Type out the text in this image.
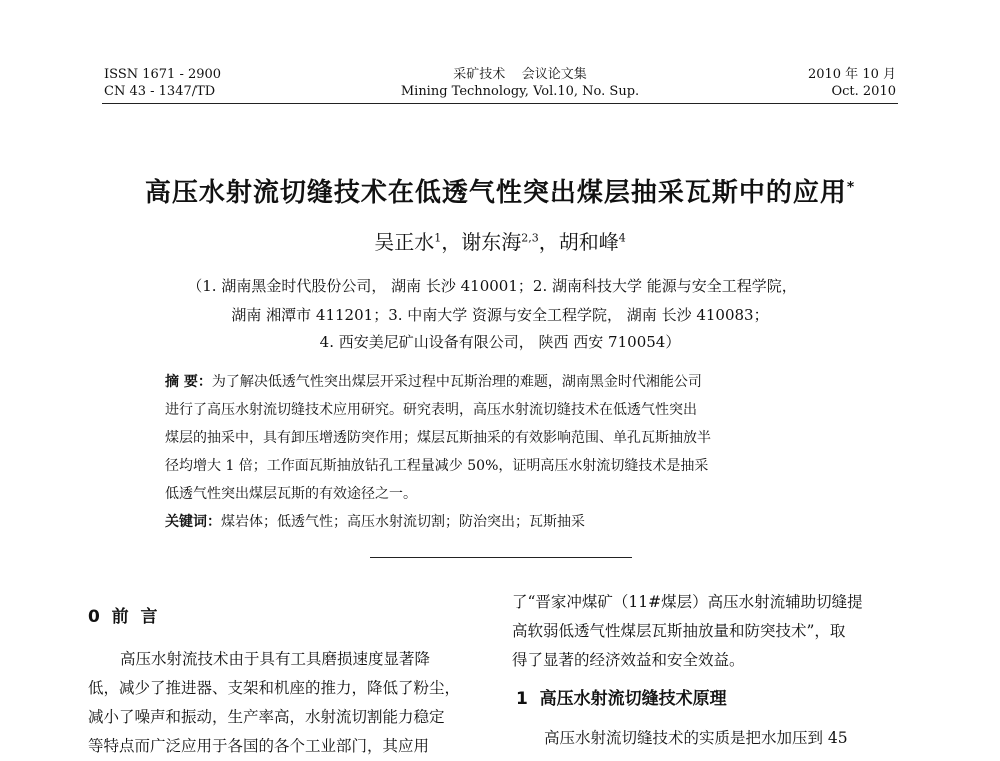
ISSN 1671 - 2900
CN 43 - 1347/TD
采矿技术    会议论文集
Mining Technology, Vol.10, No. Sup.
2010 年 10 月
Oct. 2010
高压水射流切缝技术在低透气性突出煤层抽采瓦斯中的应用*
吴正水$^1$，谢东海$^{2,3}$，胡和峰$^4$
（1. 湖南黑金时代股份公司， 湖南 长沙 410001；2. 湖南科技大学 能源与安全工程学院，
湖南 湘潭市 411201；3. 中南大学 资源与安全工程学院， 湖南 长沙 410083；
4. 西安美尼矿山设备有限公司， 陕西 西安 710054）
摘 要：为了解决低透气性突出煤层开采过程中瓦斯治理的难题，湖南黑金时代湘能公司
进行了高压水射流切缝技术应用研究。研究表明，高压水射流切缝技术在低透气性突出
煤层的抽采中，具有卸压增透防突作用；煤层瓦斯抽采的有效影响范围、单孔瓦斯抽放半
径均增大 1 倍；工作面瓦斯抽放钻孔工程量减少 50%，证明高压水射流切缝技术是抽采
低透气性突出煤层瓦斯的有效途径之一。
关键词：煤岩体；低透气性；高压水射流切割；防治突出；瓦斯抽采
0  前  言
高压水射流技术由于具有工具磨损速度显著降
低，减少了推进器、支架和机座的推力，降低了粉尘，
减小了噪声和振动，生产率高，水射流切割能力稳定
等特点而广泛应用于各国的各个工业部门，其应用
了“晋家冲煤矿（11#煤层）高压水射流辅助切缝提
高软弱低透气性煤层瓦斯抽放量和防突技术”，取
得了显著的经济效益和安全效益。
1  高压水射流切缝技术原理
高压水射流切缝技术的实质是把水加压到 45
